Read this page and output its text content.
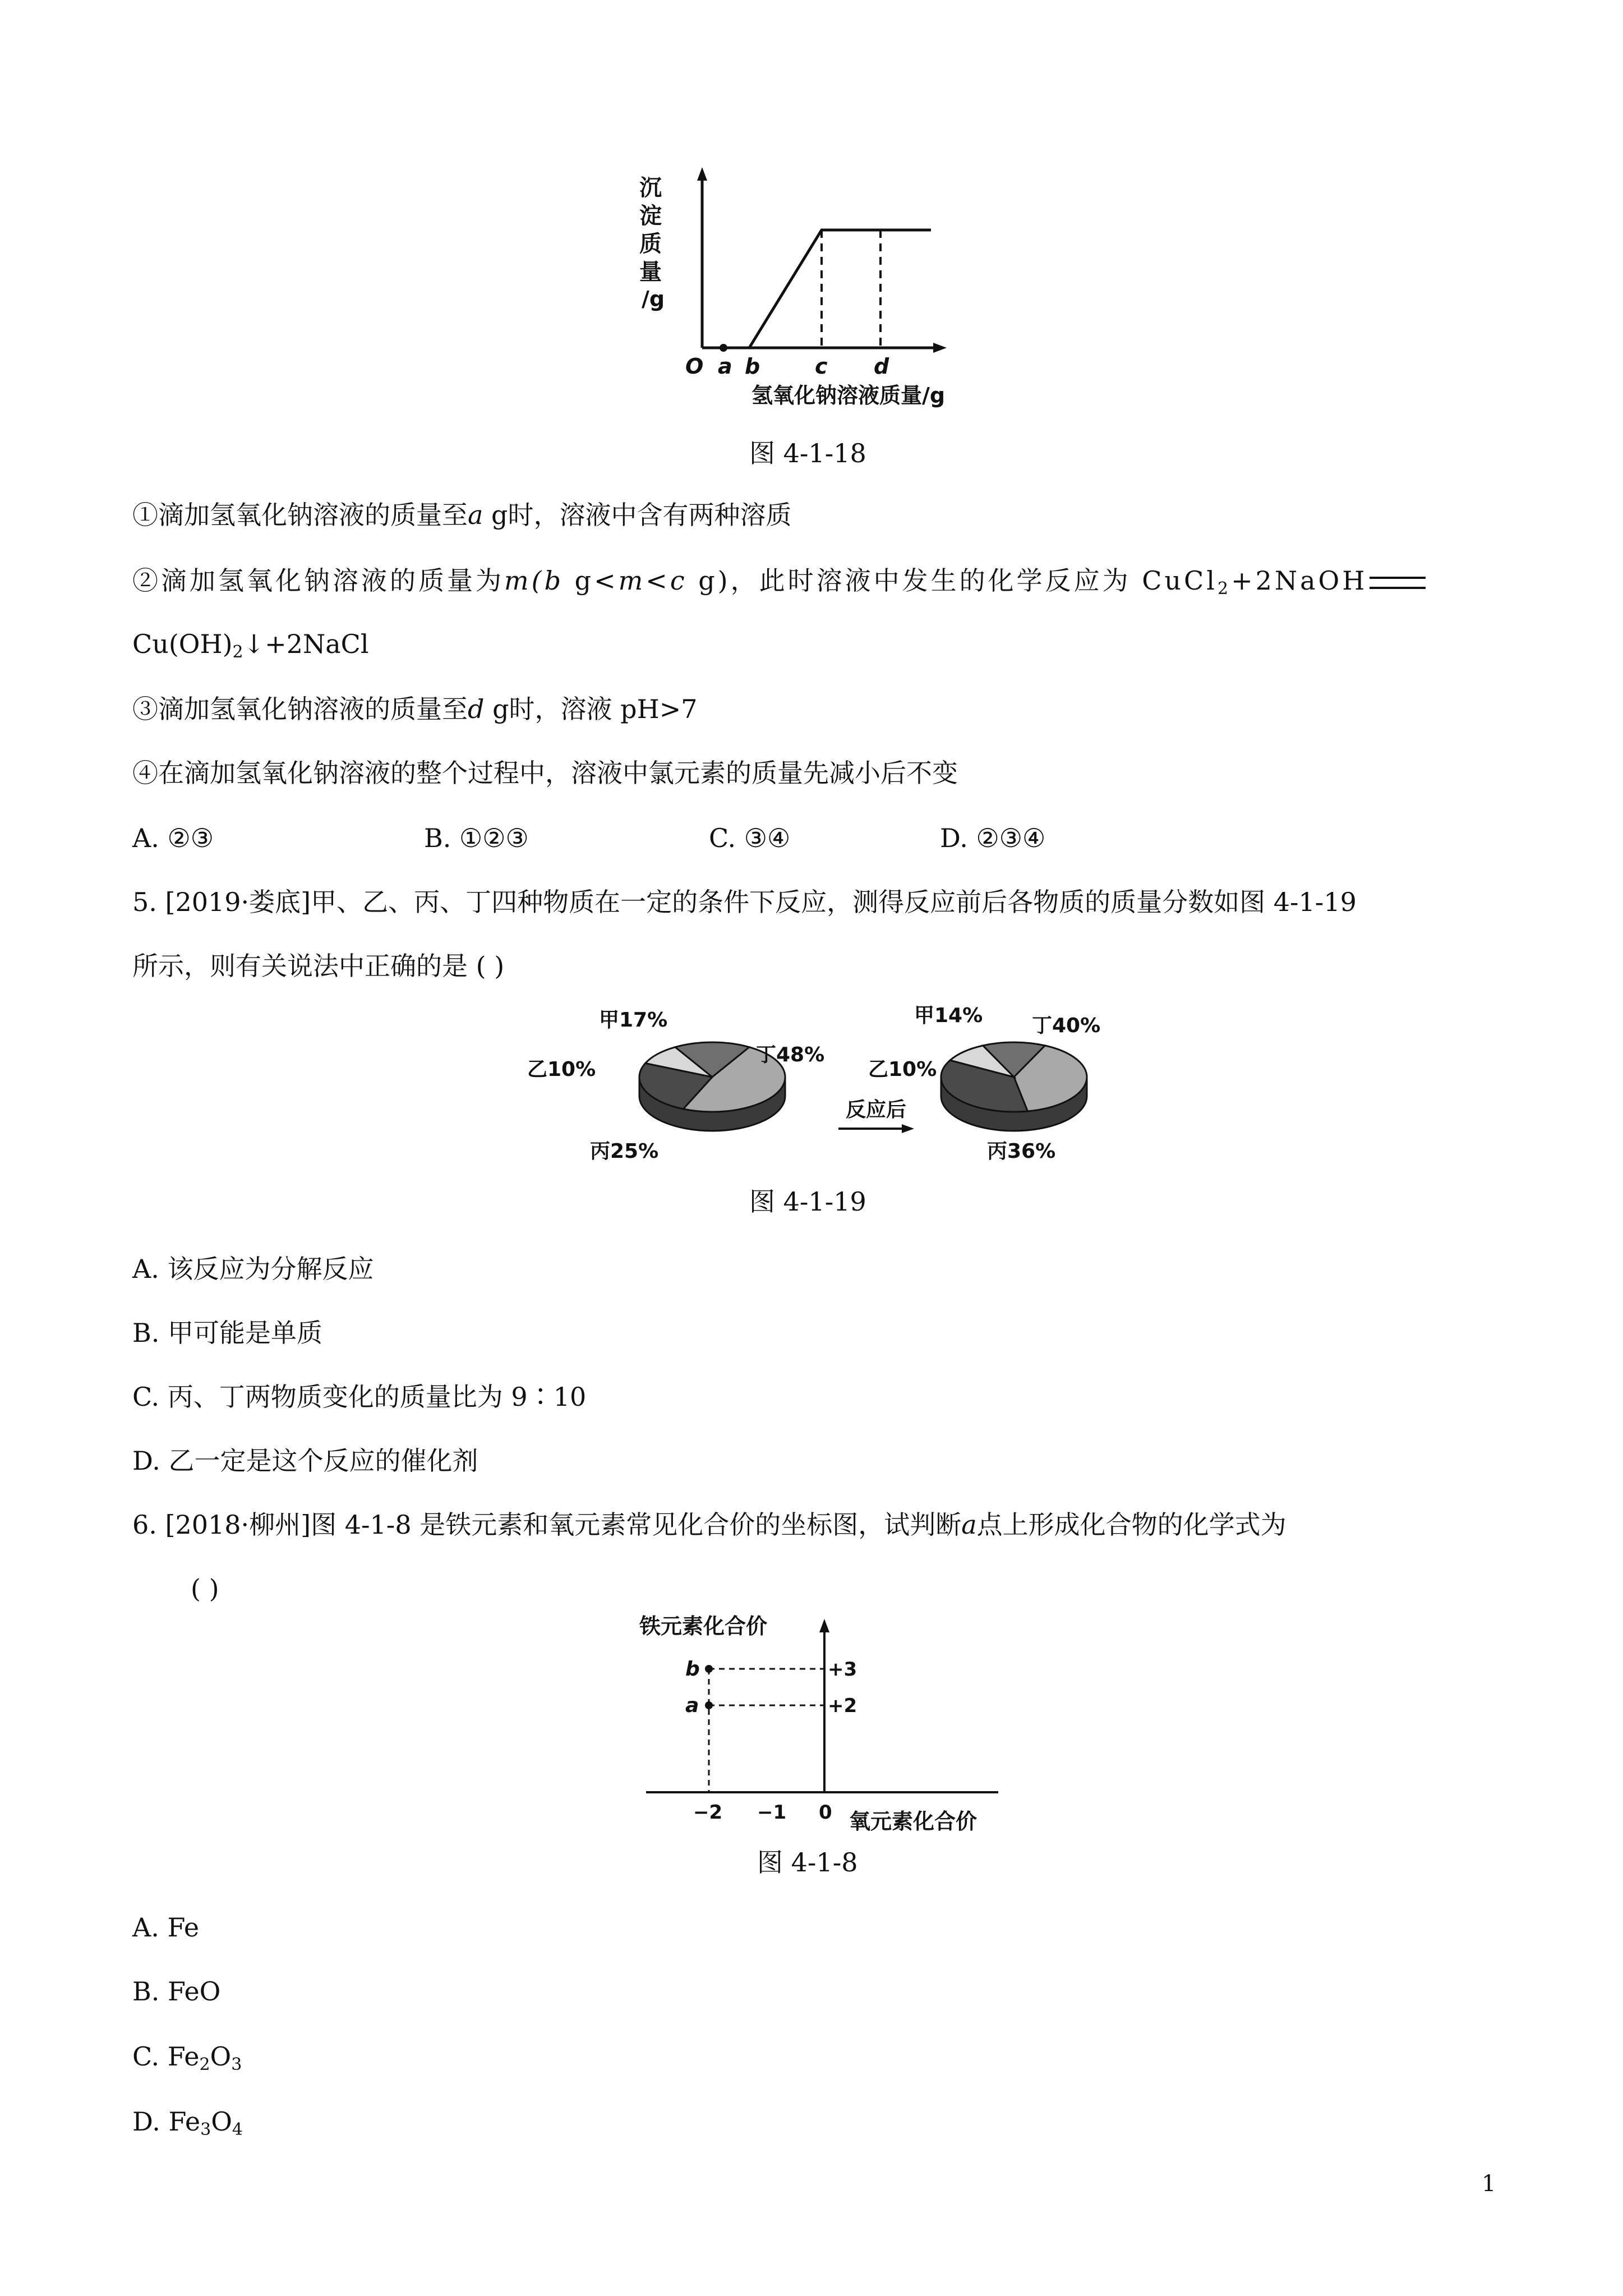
沉
淀
质
量
/g
O a b	c d
氢氧化钠溶液质量/g
图 4-1-18
①滴加氢氧化钠溶液的质量至a g时，溶液中含有两种溶质
②滴加氢氧化钠溶液的质量为m(b g<m<c g)，此时溶液中发生的化学反应为 CuCl$_2$+2NaOH
$Cu(OH)_2↓+2NaCl$
③滴加氢氧化钠溶液的质量至d g时，溶液 pH>7
④在滴加氢氧化钠溶液的整个过程中，溶液中氯元素的质量先减小后不变
A. ②③	B. ①②③	C. ③④	D. ②③④
5. [2019·娄底]甲、乙、丙、丁四种物质在一定的条件下反应，测得反应前后各物质的质量分数如图 4-1-19
所示，则有关说法中正确的是 ( )
反应后
甲17%
乙10%
丙25%
丁48%
甲14%
乙10%
丙36%
丁40%
图 4-1-19
A. 该反应为分解反应
B. 甲可能是单质
C. 丙、丁两物质变化的质量比为 9∶10
D. 乙一定是这个反应的催化剂
6. [2018·柳州]图 4-1-8 是铁元素和氧元素常见化合价的坐标图，试判断a点上形成化合物的化学式为
( )
铁元素化合价
b
a
+3
+2
−2 −1 0 氧元素化合价
图 4-1-8
A. Fe
B. FeO
C. $Fe_2O_3$
D. $Fe_3O_4$
1
